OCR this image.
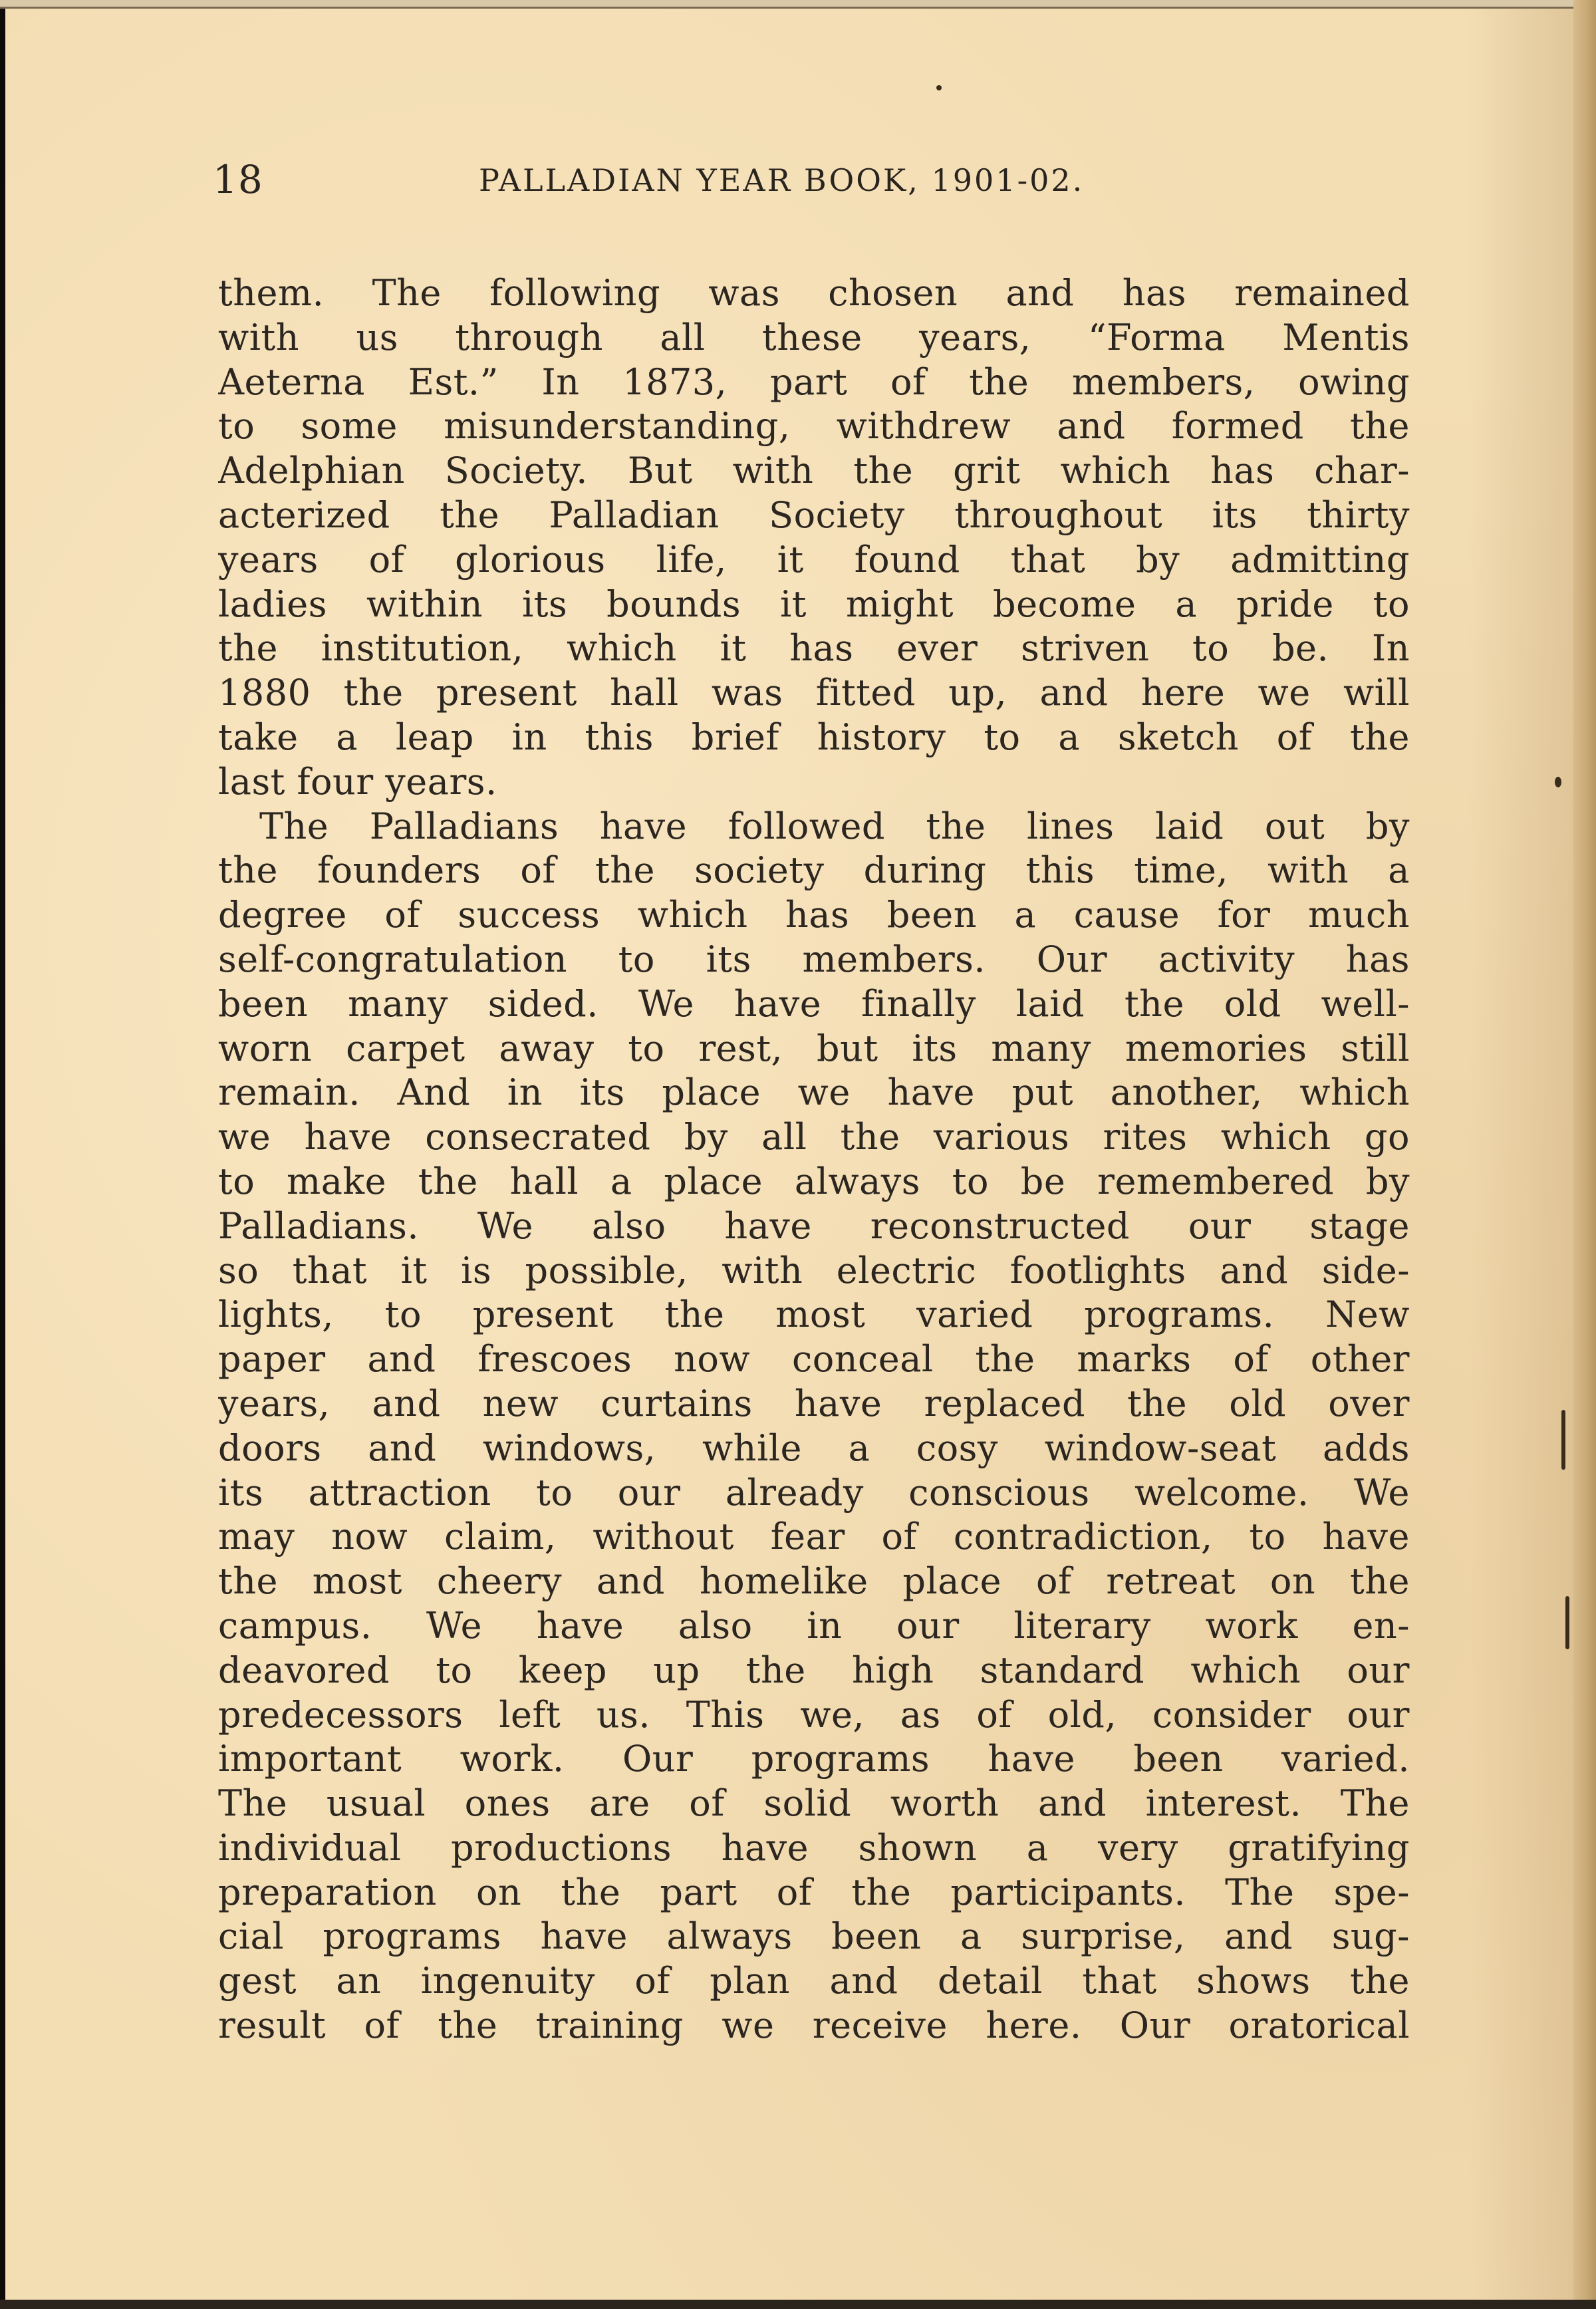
18	PALLADIAN YEAR BOOK, 1901-02.
them. The following was chosen and has remained
with us through all these years, “Forma Mentis
Aeterna Est.” In 1873, part of the members, owing
to some misunderstanding, withdrew and formed the
Adelphian Society. But with the grit which has char-
acterized the Palladian Society throughout its thirty
years of glorious life, it found that by admitting
ladies within its bounds it might become a pride to
the institution, which it has ever striven to be. In
1880 the present hall was fitted up, and here we will
take a leap in this brief history to a sketch of the
last four years.
The Palladians have followed the lines laid out by
the founders of the society during this time, with a
degree of success which has been a cause for much
self-congratulation to its members. Our activity has
been many sided. We have finally laid the old well-
worn carpet away to rest, but its many memories still
remain. And in its place we have put another, which
we have consecrated by all the various rites which go
to make the hall a place always to be remembered by
Palladians. We also have reconstructed our stage
so that it is possible, with electric footlights and side-
lights, to present the most varied programs. New
paper and frescoes now conceal the marks of other
years, and new curtains have replaced the old over
doors and windows, while a cosy window-seat adds
its attraction to our already conscious welcome. We
may now claim, without fear of contradiction, to have
the most cheery and homelike place of retreat on the
campus. We have also in our literary work en-
deavored to keep up the high standard which our
predecessors left us. This we, as of old, consider our
important work. Our programs have been varied.
The usual ones are of solid worth and interest. The
individual productions have shown a very gratifying
preparation on the part of the participants. The spe-
cial programs have always been a surprise, and sug-
gest an ingenuity of plan and detail that shows the
result of the training we receive here. Our oratorical
